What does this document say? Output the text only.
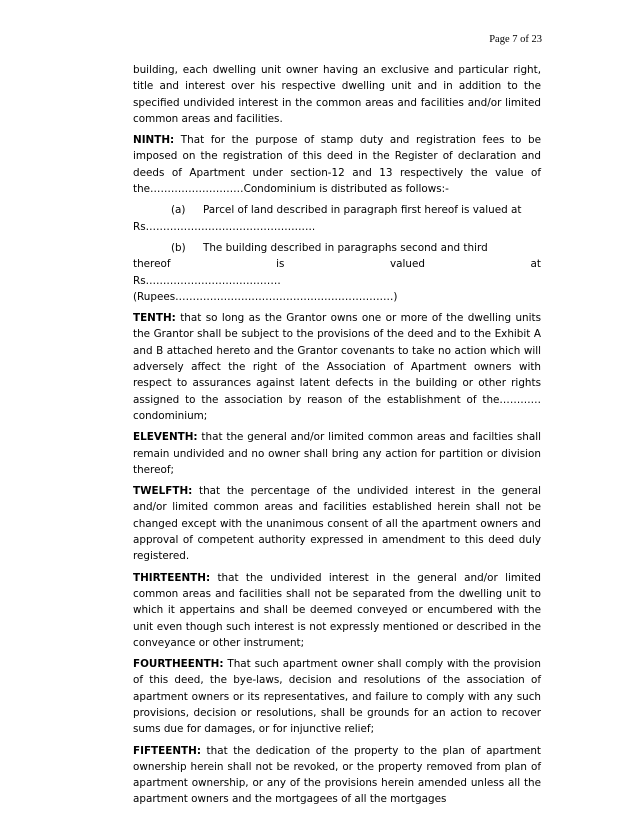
Page 7 of 23

building, each dwelling unit owner having an exclusive and particular right, title and interest over his respective dwelling unit and in addition to the specified undivided interest in the common areas and facilities and/or limited common areas and facilities.

NINTH: That for the purpose of stamp duty and registration fees to be imposed on the registration of this deed in the Register of declaration and deeds of Apartment under section-12 and 13 respectively the value of the………………………Condominium is distributed as follows:-

(a)	Parcel of land described in paragraph first hereof is valued at

Rs………………………………………….

(b)	The building described in paragraphs second and third
thereof	is	valued	at

Rs…………………………………(Rupees………………………………………………………)

TENTH: that so long as the Grantor owns one or more of the dwelling units the Grantor shall be subject to the provisions of the deed and to the Exhibit A and B attached hereto and the Grantor covenants to take no action which will adversely affect the right of the Association of Apartment owners with respect to assurances against latent defects in the building or other rights assigned to the association by reason of the establishment of the…………condominium;

ELEVENTH: that the general and/or limited common areas and facilties shall remain undivided and no owner shall bring any action for partition or division thereof;

TWELFTH: that the percentage of the undivided interest in the general and/or limited common areas and facilities established herein shall not be changed except with the unanimous consent of all the apartment owners and approval of competent authority expressed in amendment to this deed duly registered.

THIRTEENTH: that the undivided interest in the general and/or limited common areas and facilities shall not be separated from the dwelling unit to which it appertains and shall be deemed conveyed or encumbered with the unit even though such interest is not expressly mentioned or described in the conveyance or other instrument;

FOURTHEENTH: That such apartment owner shall comply with the provision of this deed, the bye-laws, decision and resolutions of the association of apartment owners or its representatives, and failure to comply with any such provisions, decision or resolutions, shall be grounds for an action to recover sums due for damages, or for injunctive relief;

FIFTEENTH: that the dedication of the property to the plan of apartment ownership herein shall not be revoked, or the property removed from plan of apartment ownership, or any of the provisions herein amended unless all the apartment owners and the mortgagees of all the mortgages
